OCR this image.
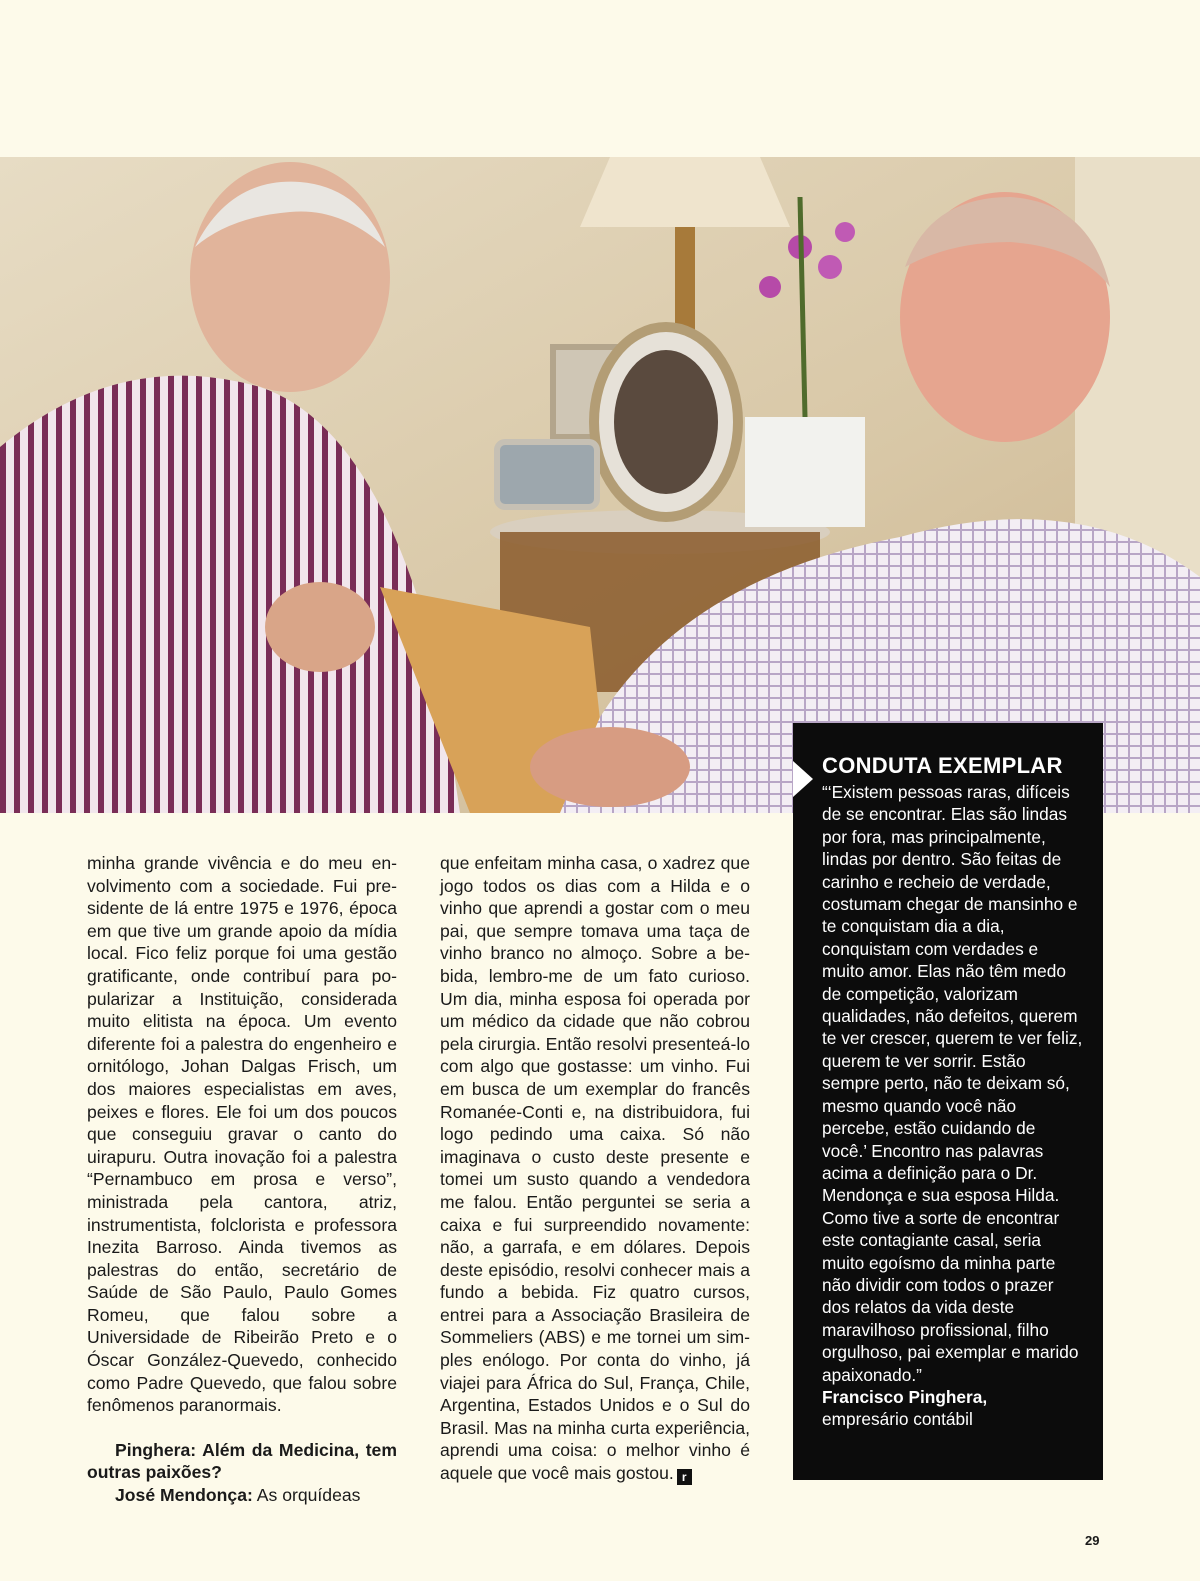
minha grande vivência e do meu envolvimento com a sociedade. Fui presidente de lá entre 1975 e 1976, época em que tive um grande apoio da mídia local. Fico feliz porque foi uma gestão gratificante, onde contribuí para popularizar a Instituição, considerada muito elitista na época. Um evento diferente foi a palestra do engenheiro e ornitólogo, Johan Dalgas Frisch, um dos maiores especialistas em aves, peixes e flores. Ele foi um dos poucos que conseguiu gravar o canto do uirapuru. Outra inovação foi a palestra “Pernambuco em prosa e verso”, ministrada pela cantora, atriz, instrumentista, folclorista e professora Inezita Barroso. Ainda tivemos as palestras do então, secretário de Saúde de São Paulo, Paulo Gomes Romeu, que falou sobre a Universidade de Ribeirão Preto e o Óscar González-Quevedo, conhecido como Padre Quevedo, que falou sobre fenômenos paranormais.

Pinghera: Além da Medicina, tem outras paixões?

José Mendonça: As orquídeas

que enfeitam minha casa, o xadrez que jogo todos os dias com a Hilda e o vinho que aprendi a gostar com o meu pai, que sempre tomava uma taça de vinho branco no almoço. Sobre a bebida, lembro-me de um fato curioso. Um dia, minha esposa foi operada por um médico da cidade que não cobrou pela cirurgia. Então resolvi presenteá-lo com algo que gostasse: um vinho. Fui em busca de um exemplar do francês Romanée-Conti e, na distribuidora, fui logo pedindo uma caixa. Só não imaginava o custo deste presente e tomei um susto quando a vendedora me falou. Então perguntei se seria a caixa e fui surpreendido novamente: não, a garrafa, e em dólares. Depois deste episódio, resolvi conhecer mais a fundo a bebida. Fiz quatro cursos, entrei para a Associação Brasileira de Sommeliers (ABS) e me tornei um simples enólogo. Por conta do vinho, já viajei para África do Sul, França, Chile, Argentina, Estados Unidos e o Sul do Brasil. Mas na minha curta experiência, aprendi uma coisa: o melhor vinho é aquele que você mais gostou. r

CONDUTA EXEMPLAR

“‘Existem pessoas raras, difíceis de se encontrar. Elas são lindas por fora, mas principalmente, lindas por dentro. São feitas de carinho e recheio de verdade, costumam chegar de mansinho e te conquistam dia a dia, conquistam com verdades e muito amor. Elas não têm medo de competição, valorizam qualidades, não defeitos, querem te ver crescer, querem te ver feliz, querem te ver sorrir. Estão sempre perto, não te deixam só, mesmo quando você não percebe, estão cuidando de você.’ Encontro nas palavras acima a definição para o Dr. Mendonça e sua esposa Hilda. Como tive a sorte de encontrar este contagiante casal, seria muito egoísmo da minha parte não dividir com todos o prazer dos relatos da vida deste maravilhoso profissional, filho orgulhoso, pai exemplar e marido apaixonado.”

Francisco Pinghera,

empresário contábil

29
